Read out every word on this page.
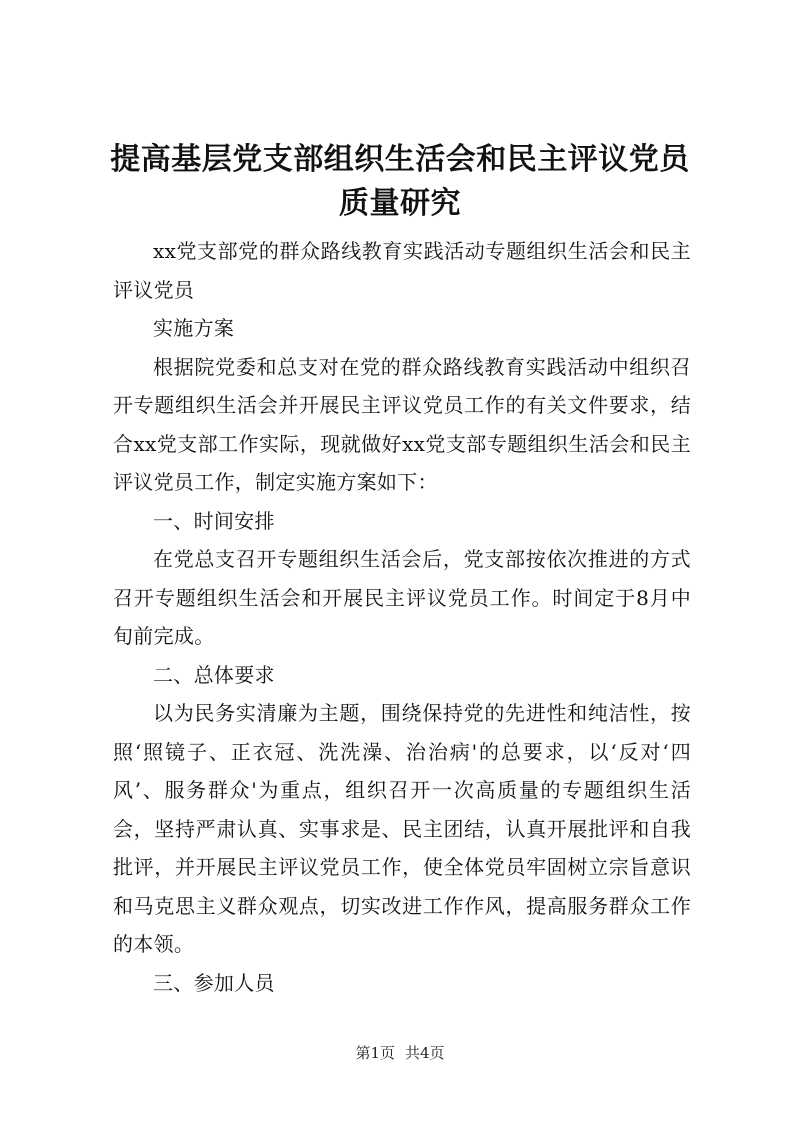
提高基层党支部组织生活会和民主评议党员质量研究

xx党支部党的群众路线教育实践活动专题组织生活会和民主评议党员

实施方案

根据院党委和总支对在党的群众路线教育实践活动中组织召开专题组织生活会并开展民主评议党员工作的有关文件要求，结合xx党支部工作实际，现就做好xx党支部专题组织生活会和民主评议党员工作，制定实施方案如下：

一、时间安排

在党总支召开专题组织生活会后，党支部按依次推进的方式召开专题组织生活会和开展民主评议党员工作。时间定于8月中旬前完成。

二、总体要求

以为民务实清廉为主题，围绕保持党的先进性和纯洁性，按照‘照镜子、正衣冠、洗洗澡、治治病'的总要求，以‘反对‘四风’、服务群众'为重点，组织召开一次高质量的专题组织生活会，坚持严肃认真、实事求是、民主团结，认真开展批评和自我批评，并开展民主评议党员工作，使全体党员牢固树立宗旨意识和马克思主义群众观点，切实改进工作作风，提高服务群众工作的本领。

三、参加人员

第1页 共4页
